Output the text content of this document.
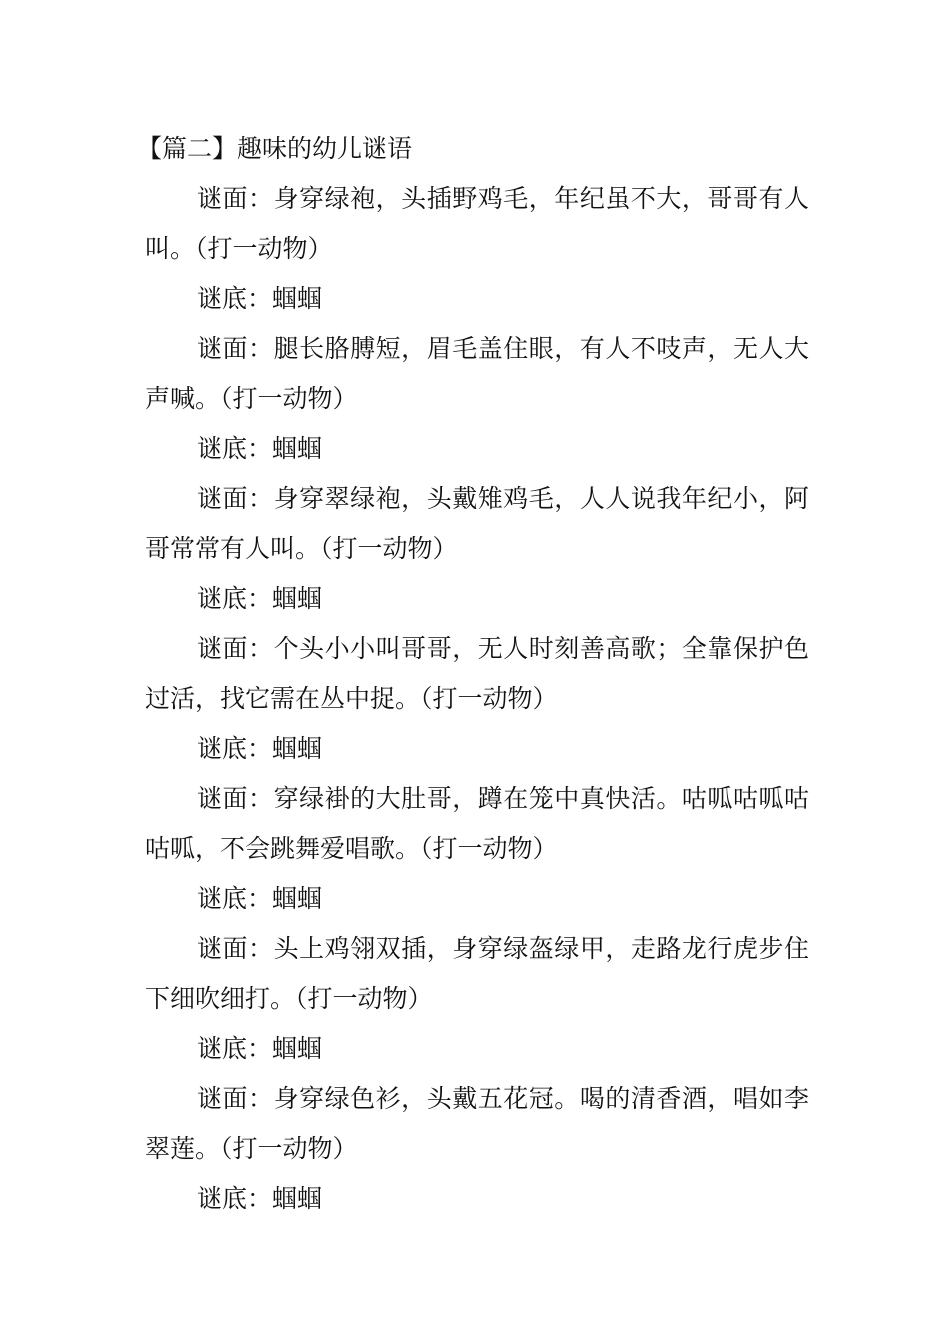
【篇二】趣味的幼儿谜语

谜面：身穿绿袍，头插野鸡毛，年纪虽不大，哥哥有人叫。（打一动物）

谜底：蝈蝈

谜面：腿长胳膊短，眉毛盖住眼，有人不吱声，无人大声喊。（打一动物）

谜底：蝈蝈

谜面：身穿翠绿袍，头戴雉鸡毛，人人说我年纪小，阿哥常常有人叫。（打一动物）

谜底：蝈蝈

谜面：个头小小叫哥哥，无人时刻善高歌；全靠保护色过活，找它需在丛中捉。（打一动物）

谜底：蝈蝈

谜面：穿绿褂的大肚哥，蹲在笼中真快活。咕呱咕呱咕咕呱，不会跳舞爱唱歌。（打一动物）

谜底：蝈蝈

谜面：头上鸡翎双插，身穿绿盔绿甲，走路龙行虎步住下细吹细打。（打一动物）

谜底：蝈蝈

谜面：身穿绿色衫，头戴五花冠。喝的清香酒，唱如李翠莲。（打一动物）

谜底：蝈蝈
